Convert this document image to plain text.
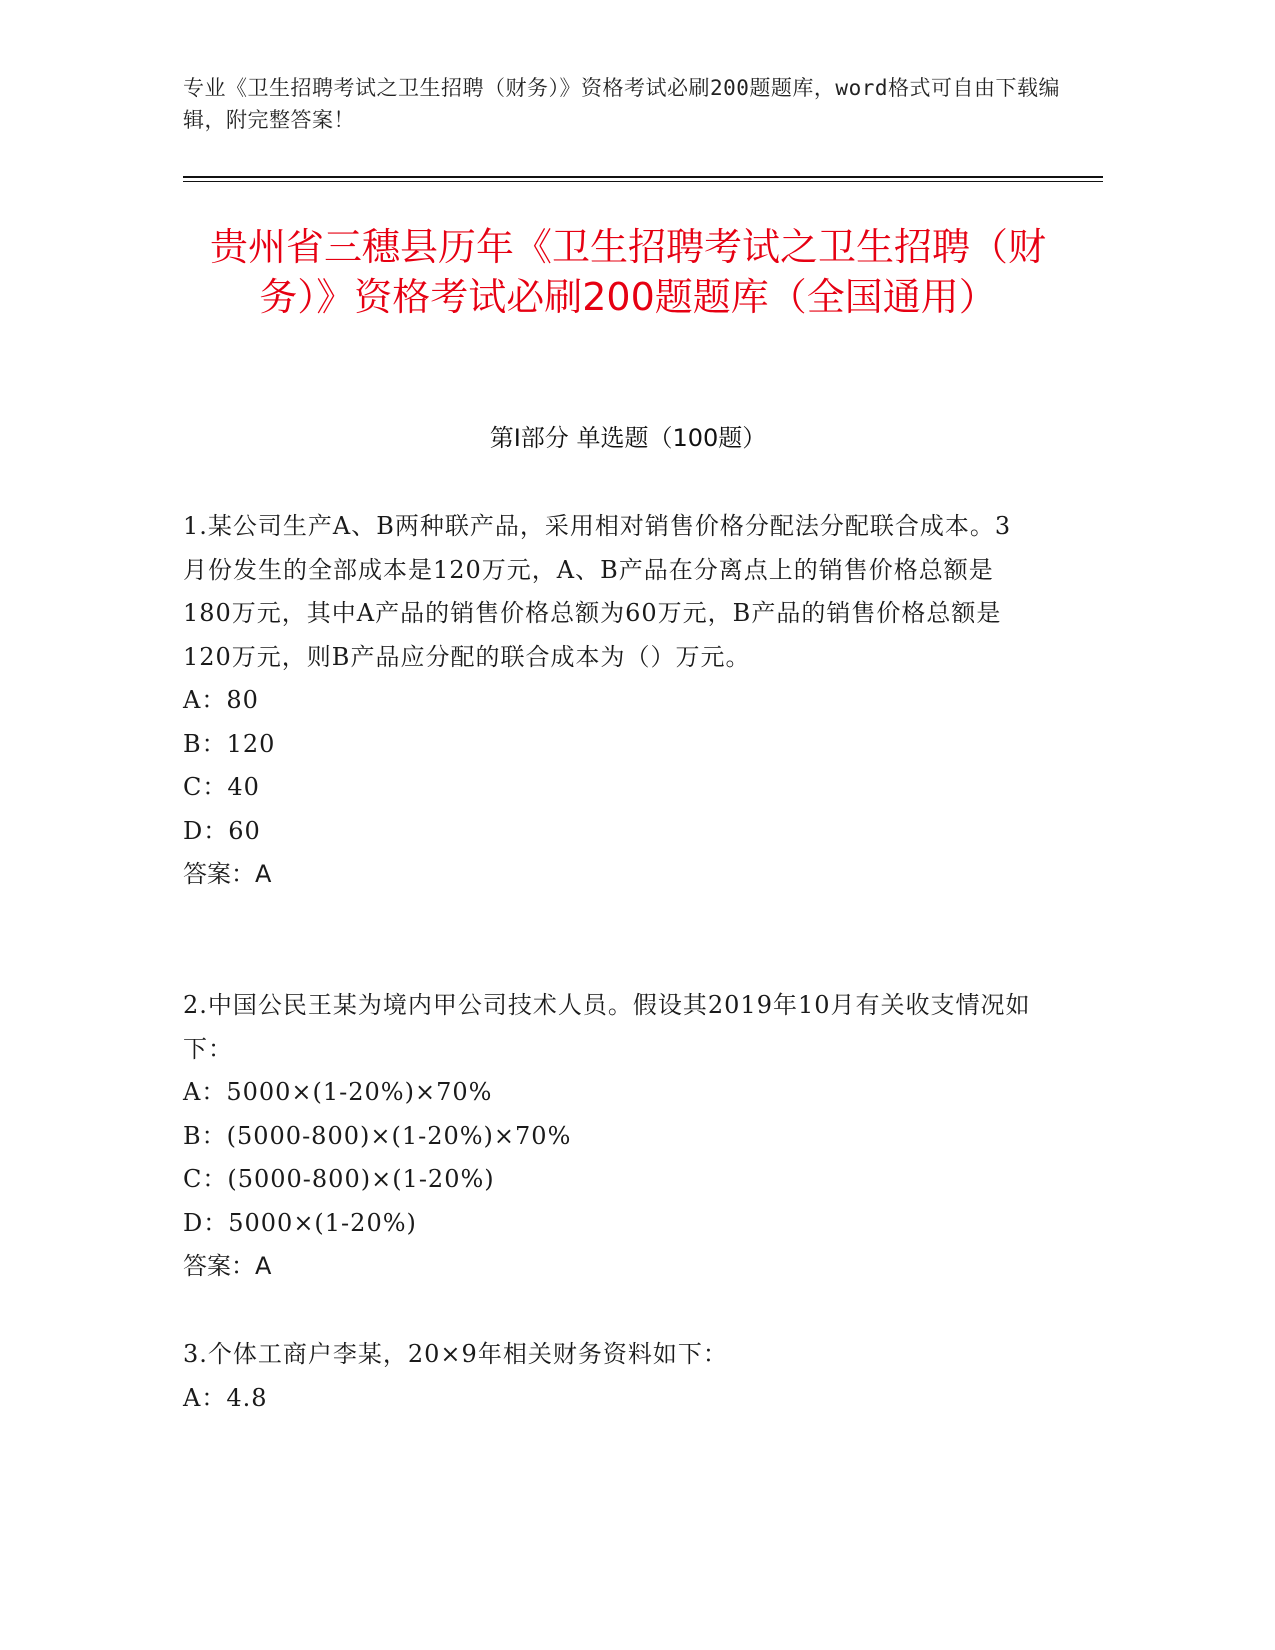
专业《卫生招聘考试之卫生招聘（财务）》资格考试必刷200题题库，word格式可自由下载编辑，附完整答案！
贵州省三穗县历年《卫生招聘考试之卫生招聘（财务）》资格考试必刷200题题库（全国通用）
第Ⅰ部分 单选题（100题）
1.某公司生产A、B两种联产品，采用相对销售价格分配法分配联合成本。3月份发生的全部成本是120万元，A、B产品在分离点上的销售价格总额是180万元，其中A产品的销售价格总额为60万元，B产品的销售价格总额是120万元，则B产品应分配的联合成本为（）万元。
A：80
B：120
C：40
D：60
答案：A
2.中国公民王某为境内甲公司技术人员。假设其2019年10月有关收支情况如下：
A：5000×(1-20%)×70%
B：(5000-800)×(1-20%)×70%
C：(5000-800)×(1-20%)
D：5000×(1-20%)
答案：A
3.个体工商户李某，20×9年相关财务资料如下：
A：4.8
